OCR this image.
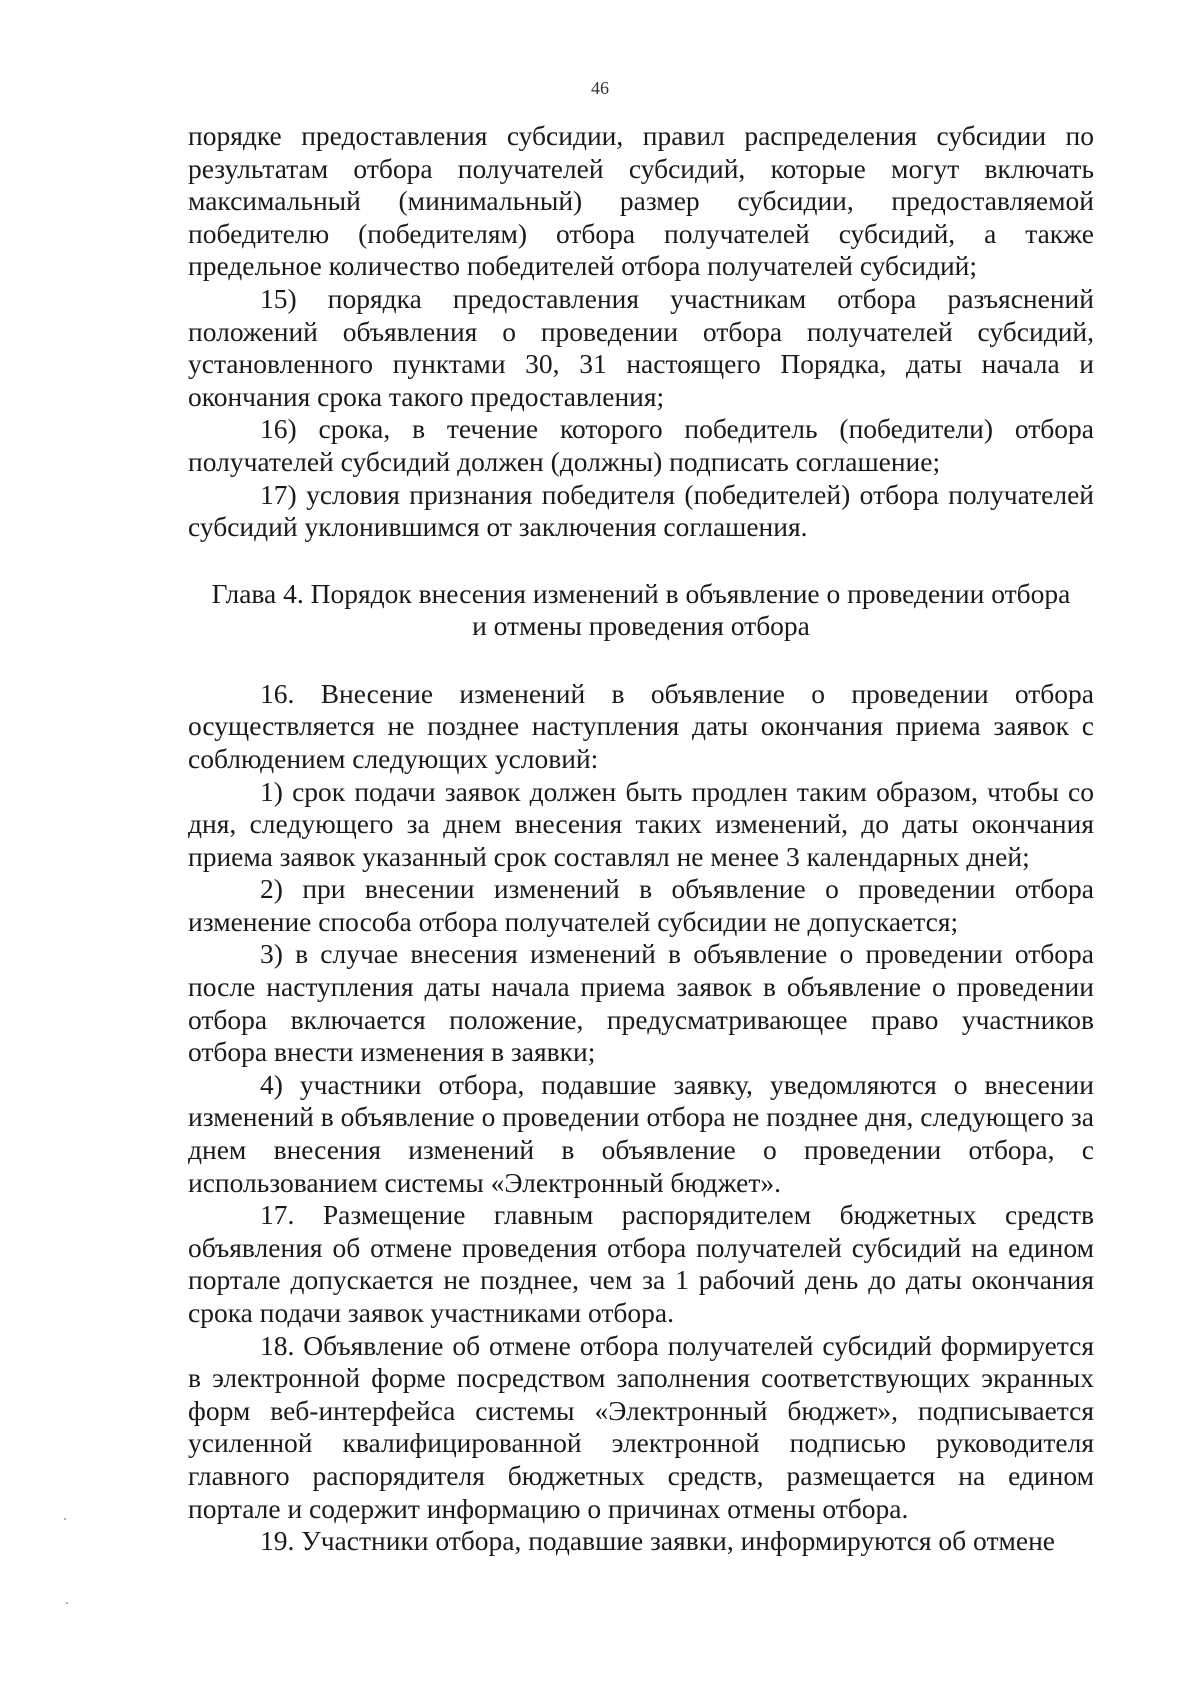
46

порядке предоставления субсидии, правил распределения субсидии по результатам отбора получателей субсидий, которые могут включать максимальный (минимальный) размер субсидии, предоставляемой победителю (победителям) отбора получателей субсидий, а также предельное количество победителей отбора получателей субсидий;

15) порядка предоставления участникам отбора разъяснений положений объявления о проведении отбора получателей субсидий, установленного пунктами 30, 31 настоящего Порядка, даты начала и окончания срока такого предоставления;

16) срока, в течение которого победитель (победители) отбора получателей субсидий должен (должны) подписать соглашение;

17) условия признания победителя (победителей) отбора получателей субсидий уклонившимся от заключения соглашения.

Глава 4. Порядок внесения изменений в объявление о проведении отбора
и отмены проведения отбора

16. Внесение изменений в объявление о проведении отбора осуществляется не позднее наступления даты окончания приема заявок с соблюдением следующих условий:

1) срок подачи заявок должен быть продлен таким образом, чтобы со дня, следующего за днем внесения таких изменений, до даты окончания приема заявок указанный срок составлял не менее 3 календарных дней;

2) при внесении изменений в объявление о проведении отбора изменение способа отбора получателей субсидии не допускается;

3) в случае внесения изменений в объявление о проведении отбора после наступления даты начала приема заявок в объявление о проведении отбора включается положение, предусматривающее право участников отбора внести изменения в заявки;

4) участники отбора, подавшие заявку, уведомляются о внесении изменений в объявление о проведении отбора не позднее дня, следующего за днем внесения изменений в объявление о проведении отбора, с использованием системы «Электронный бюджет».

17. Размещение главным распорядителем бюджетных средств объявления об отмене проведения отбора получателей субсидий на едином портале допускается не позднее, чем за 1 рабочий день до даты окончания срока подачи заявок участниками отбора.

18. Объявление об отмене отбора получателей субсидий формируется в электронной форме посредством заполнения соответствующих экранных форм веб-интерфейса системы «Электронный бюджет», подписывается усиленной квалифицированной электронной подписью руководителя главного распорядителя бюджетных средств, размещается на едином портале и содержит информацию о причинах отмены отбора.

19. Участники отбора, подавшие заявки, информируются об отмене
